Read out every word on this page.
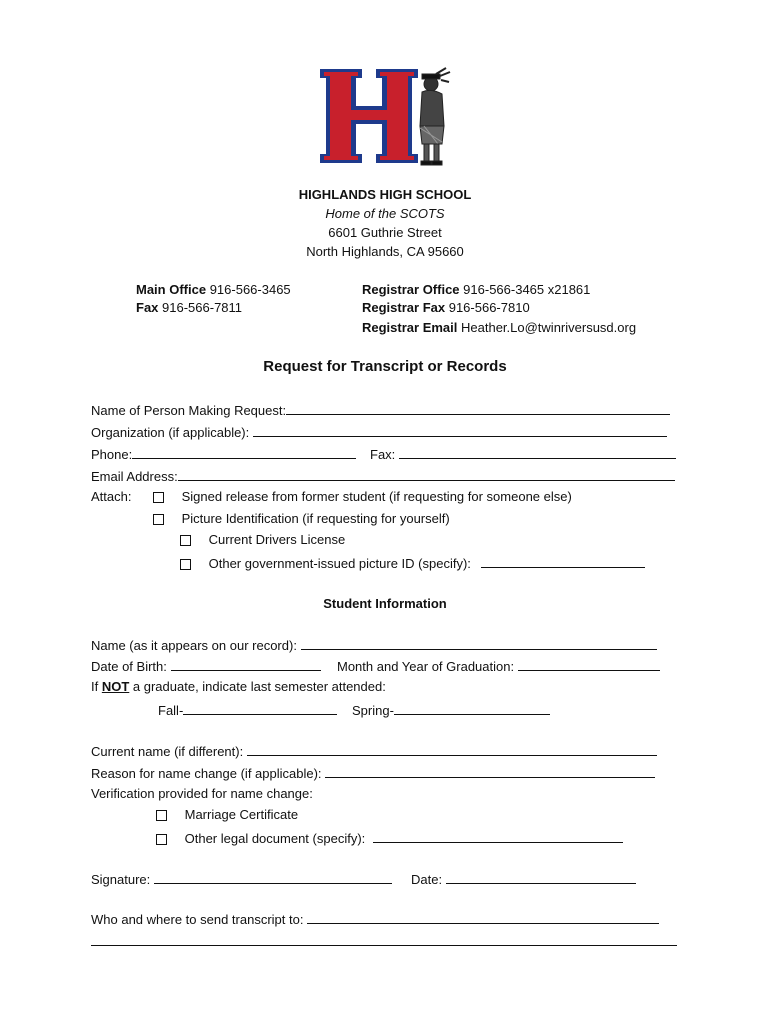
HIGHLANDS HIGH SCHOOL
Home of the SCOTS
6601 Guthrie Street
North Highlands, CA 95660
Main Office 916-566-3465
Fax 916-566-7811
Registrar Office 916-566-3465 x21861
Registrar Fax 916-566-7810
Registrar Email Heather.Lo@twinriversusd.org
Request for Transcript or Records
Name of Person Making Request:
Organization (if applicable):
Phone:	Fax:
Email Address:
Attach:	Signed release from former student (if requesting for someone else)
Picture Identification (if requesting for yourself)
Current Drivers License
Other government-issued picture ID (specify):
Student Information
Name (as it appears on our record):
Date of Birth:	Month and Year of Graduation:
If NOT a graduate, indicate last semester attended:
Fall-	Spring-
Current name (if different):
Reason for name change (if applicable):
Verification provided for name change:
Marriage Certificate
Other legal document (specify):
Signature:	Date:
Who and where to send transcript to:
